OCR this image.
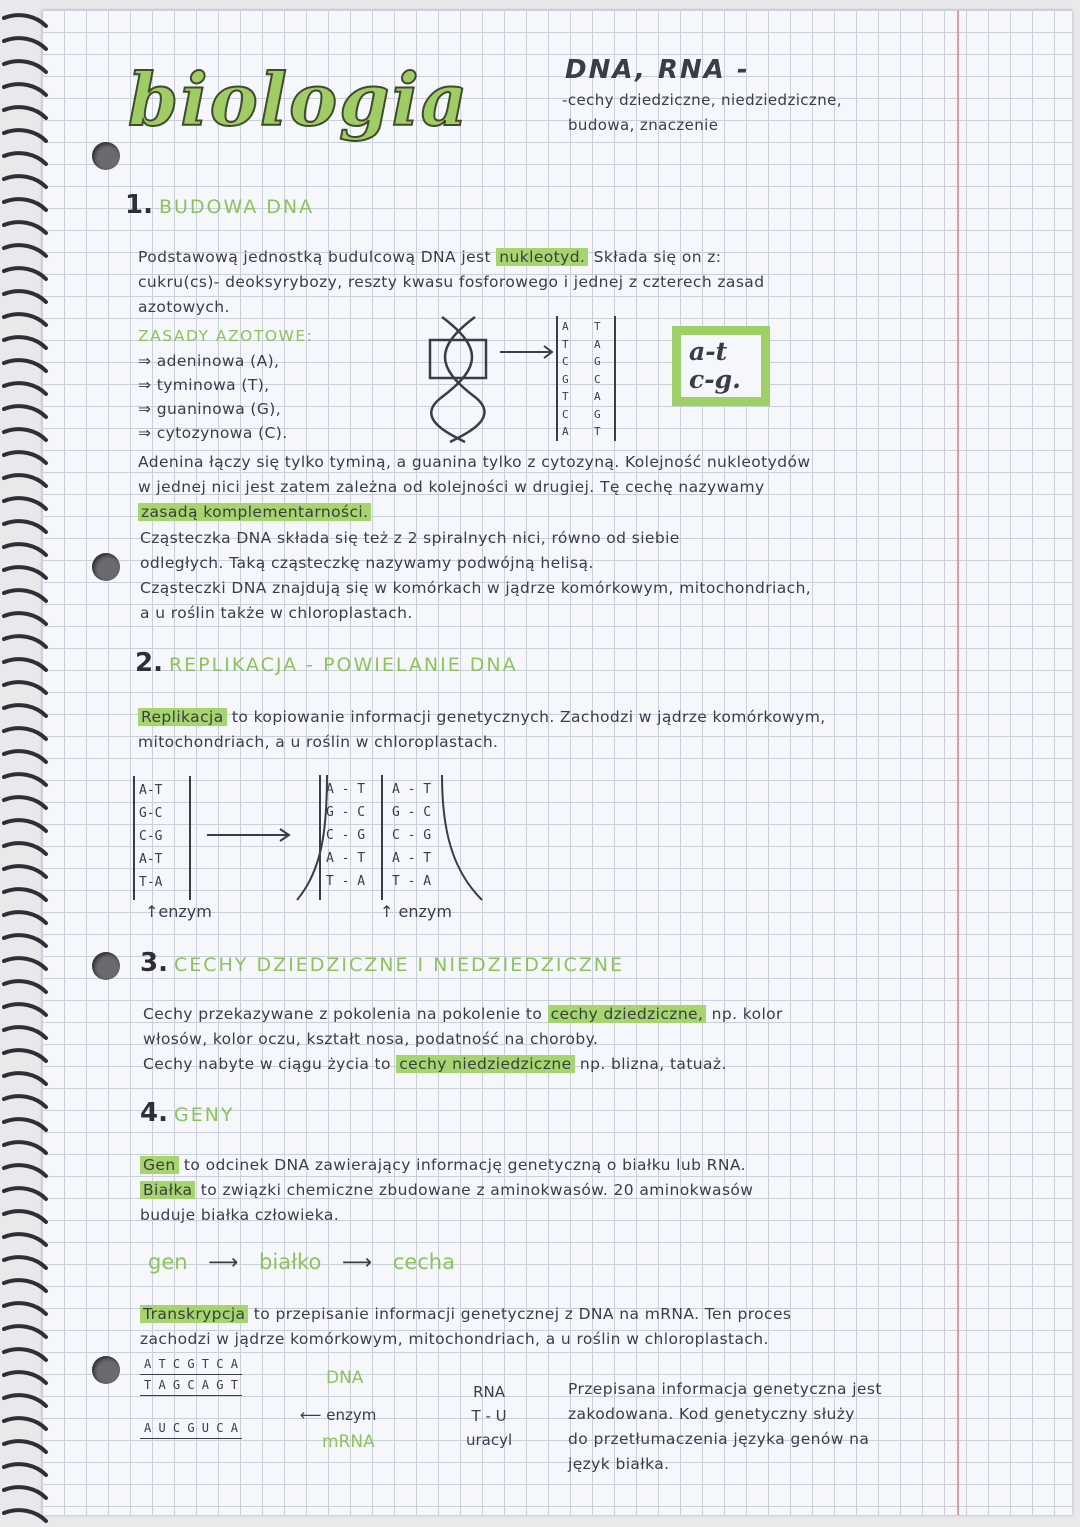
biologia	DNA, RNA -
-cechy dziedziczne, niedziedziczne,
budowa, znaczenie
1. BUDOWA DNA
Podstawową jednostką budulcową DNA jest nukleotyd. Składa się on z:
cukru(cs)- deoksyrybozy, reszty kwasu fosforowego i jednej z czterech zasad
azotowych.
ZASADY AZOTOWE:
⇒ adeninowa (A),
⇒ tyminowa (T),
⇒ guaninowa (G),
⇒ cytozynowa (C).
A
T
C
G
T
C
A
T
A
G
C
A
G
T
a-t
c-g.
Adenina łączy się tylko tyminą, a guanina tylko z cytozyną. Kolejność nukleotydów
w jednej nici jest zatem zależna od kolejności w drugiej. Tę cechę nazywamy
zasadą komplementarności.
Cząsteczka DNA składa się też z 2 spiralnych nici, równo od siebie
odległych. Taką cząsteczkę nazywamy podwójną helisą.
Cząsteczki DNA znajdują się w komórkach w jądrze komórkowym, mitochondriach,
a u roślin także w chloroplastach.
2. REPLIKACJA - POWIELANIE DNA
Replikacja to kopiowanie informacji genetycznych. Zachodzi w jądrze komórkowym,
mitochondriach, a u roślin w chloroplastach.
A-T
G-C
C-G
A-T
T-A
↑enzym
A - T
G - C
C - G
A - T
T - A
A - T
G - C
C - G
A - T
T - A
↑ enzym
3. CECHY DZIEDZICZNE I NIEDZIEDZICZNE
Cechy przekazywane z pokolenia na pokolenie to cechy dziedziczne, np. kolor
włosów, kolor oczu, kształt nosa, podatność na choroby.
Cechy nabyte w ciągu życia to cechy niedziedziczne np. blizna, tatuaż.
4. GENY
Gen to odcinek DNA zawierający informację genetyczną o białku lub RNA.
Białka to związki chemiczne zbudowane z aminokwasów. 20 aminokwasów
buduje białka człowieka.
gen ⟶ białko ⟶ cecha
Transkrypcja to przepisanie informacji genetycznej z DNA na mRNA. Ten proces
zachodzi w jądrze komórkowym, mitochondriach, a u roślin w chloroplastach.
A T C G T C A
T A G C A G T
A U C G U C A
DNA
⟵ enzym
mRNA
RNA
T - U
uracyl
Przepisana informacja genetyczna jest
zakodowana. Kod genetyczny służy
do przetłumaczenia języka genów na
język białka.
